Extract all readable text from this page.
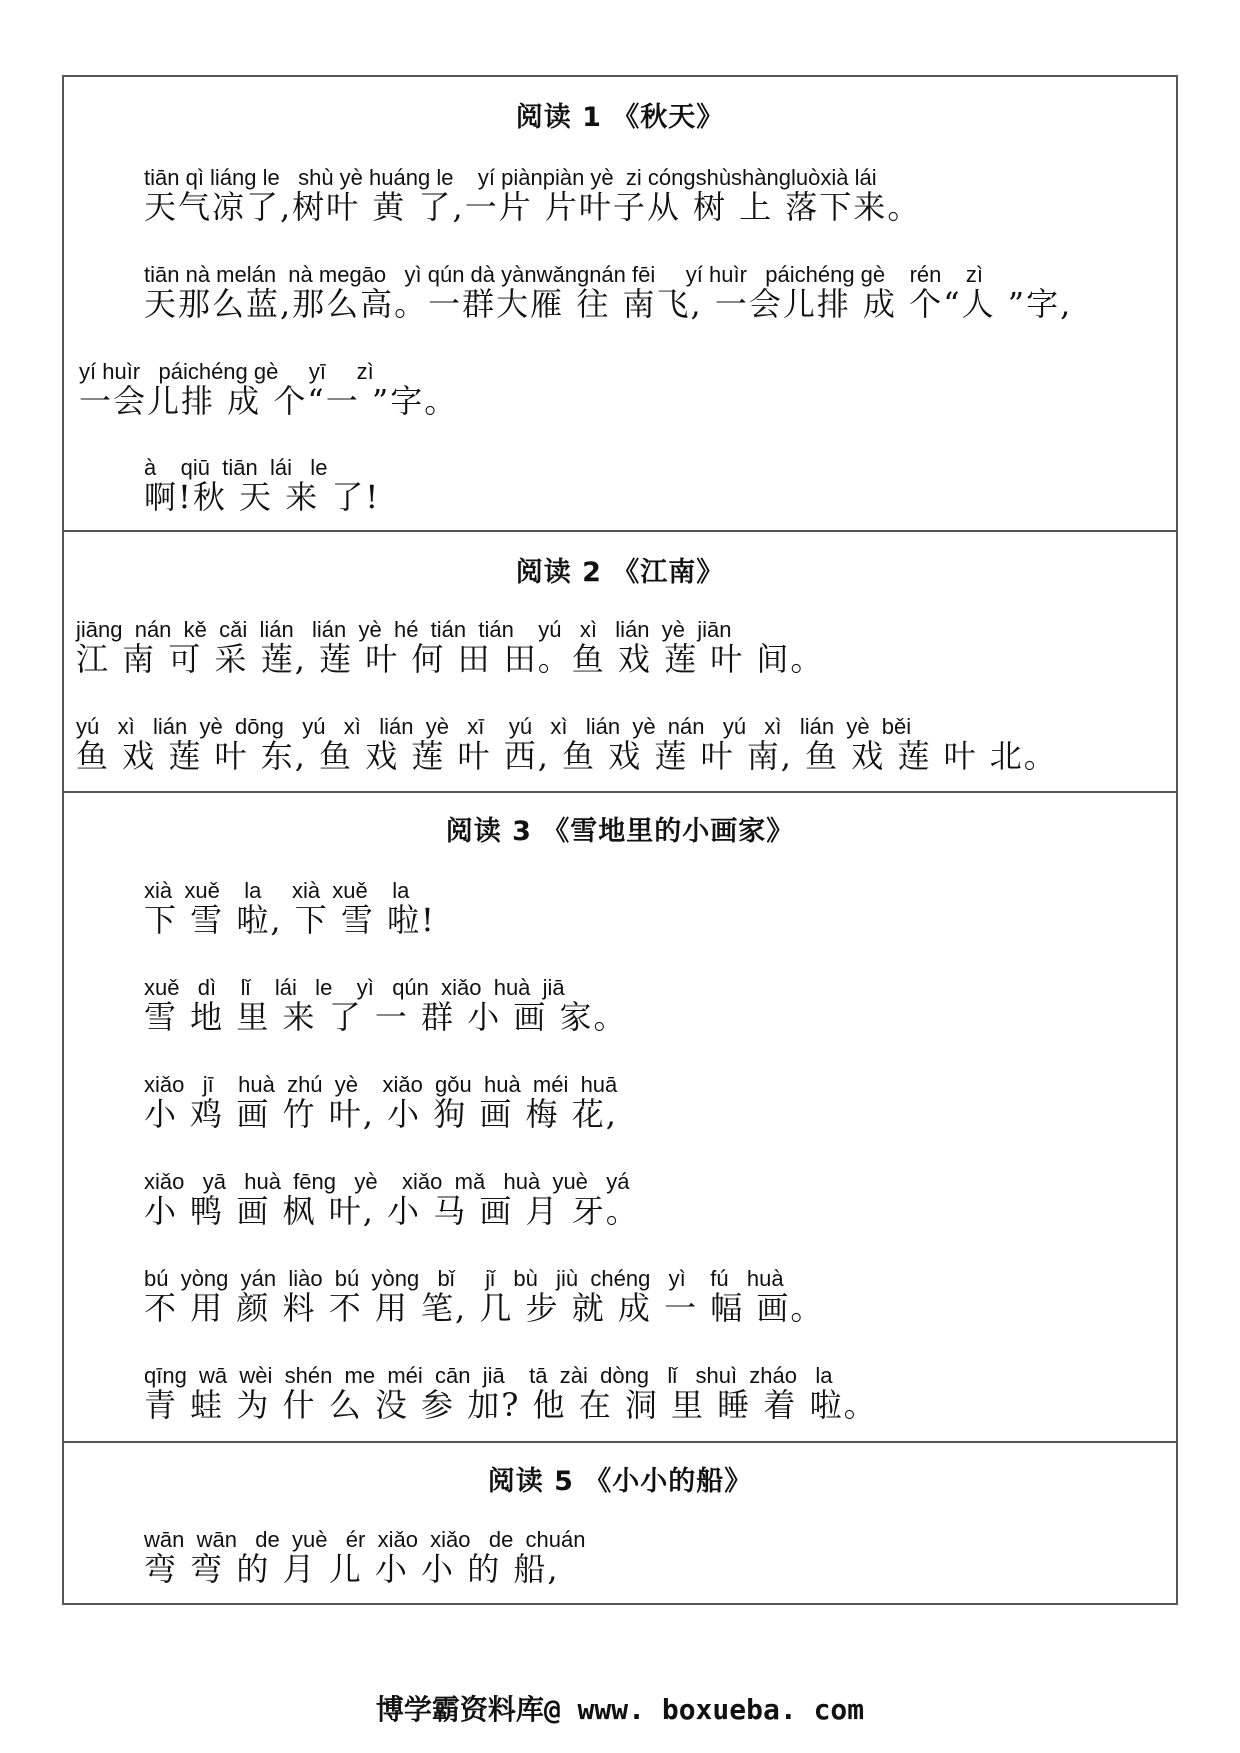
阅读 1 《秋天》
tiān qì liáng le   shù yè huáng le    yí piànpiàn yè  zi cóngshùshàngluòxià lái
天气凉了,树叶 黄 了,一片 片叶子从 树 上 落下来。
tiān nà melán  nà megāo   yì qún dà yànwǎngnán fēi     yí huìr   páichéng gè    rén    zì
天那么蓝,那么高。一群大雁 往 南飞, 一会儿排 成 个“人 ”字,
yí huìr   páichéng gè     yī     zì
一会儿排 成 个“一 ”字。
à    qiū  tiān  lái   le
啊!秋 天 来 了!
阅读 2 《江南》
jiāng  nán  kě  cǎi  lián   lián  yè  hé  tián  tián    yú   xì   lián  yè  jiān
江 南 可 采 莲, 莲 叶 何 田 田。鱼 戏 莲 叶 间。
yú   xì   lián  yè  dōng   yú   xì   lián  yè   xī    yú   xì   lián  yè  nán   yú   xì   lián  yè  běi
鱼 戏 莲 叶 东, 鱼 戏 莲 叶 西, 鱼 戏 莲 叶 南, 鱼 戏 莲 叶 北。
阅读 3 《雪地里的小画家》
xià  xuě    la     xià  xuě    la
下 雪 啦, 下 雪 啦!
xuě   dì    lǐ    lái   le    yì   qún  xiǎo  huà  jiā
雪 地 里 来 了 一 群 小 画 家。
xiǎo   jī    huà  zhú  yè    xiǎo  gǒu  huà  méi  huā
小 鸡 画 竹 叶, 小 狗 画 梅 花,
xiǎo   yā   huà  fēng   yè    xiǎo  mǎ   huà  yuè   yá
小 鸭 画 枫 叶, 小 马 画 月 牙。
bú  yòng  yán  liào  bú  yòng   bǐ     jǐ   bù   jiù  chéng   yì    fú   huà
不 用 颜 料 不 用 笔, 几 步 就 成 一 幅 画。
qīng  wā  wèi  shén  me  méi  cān  jiā    tā  zài  dòng   lǐ   shuì  zháo   la
青 蛙 为 什 么 没 参 加? 他 在 洞 里 睡 着 啦。
阅读 5 《小小的船》
wān  wān   de  yuè   ér  xiǎo  xiǎo   de  chuán
弯 弯 的 月 儿 小 小 的 船,
博学霸资料库@ www. boxueba. com
